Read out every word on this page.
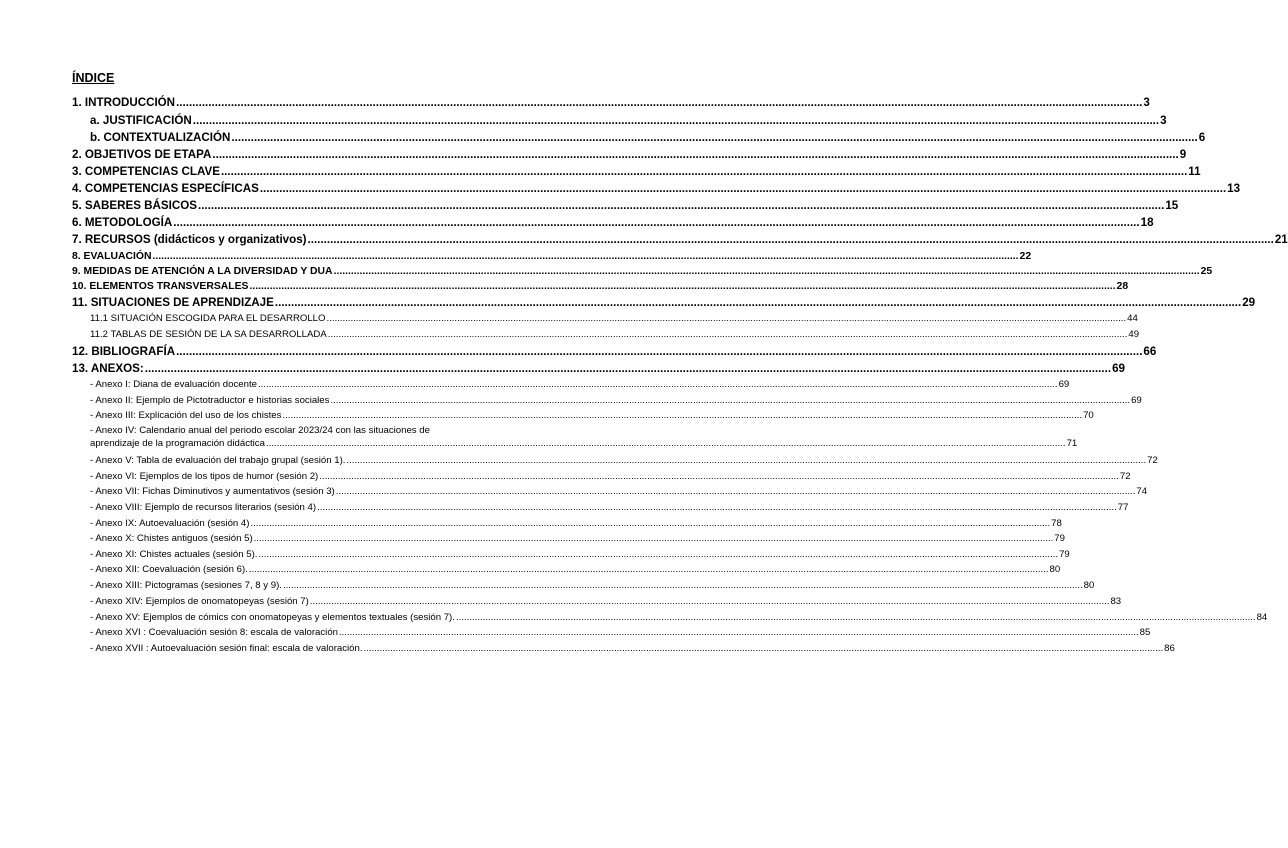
ÍNDICE
1. INTRODUCCIÓN ............................................................................................................................................................................................................................................................................................................ 3
a. JUSTIFICACIÓN ............................................................................................................................................................................................................................................................................................................ 3
b. CONTEXTUALIZACIÓN ............................................................................................................................................................................................................................................................................................................ 6
2. OBJETIVOS DE ETAPA ............................................................................................................................................................................................................................................................................................................ 9
3. COMPETENCIAS CLAVE ............................................................................................................................................................................................................................................................................................................ 11
4. COMPETENCIAS ESPECÍFICAS ............................................................................................................................................................................................................................................................................................................ 13
5. SABERES BÁSICOS ............................................................................................................................................................................................................................................................................................................ 15
6. METODOLOGÍA ............................................................................................................................................................................................................................................................................................................ 18
7. RECURSOS (didácticos y organizativos) ............................................................................................................................................................................................................................................................................................................ 21
8. EVALUACIÓN ............................................................................................................................................................................................................................................................................................................ 22
9. MEDIDAS DE ATENCIÓN A LA DIVERSIDAD Y DUA ............................................................................................................................................................................................................................................................................................................ 25
10. ELEMENTOS TRANSVERSALES ............................................................................................................................................................................................................................................................................................................ 28
11. SITUACIONES DE APRENDIZAJE ............................................................................................................................................................................................................................................................................................................ 29
11.1 SITUACIÓN ESCOGIDA PARA EL DESARROLLO ............................................................................................................................................................................................................................................................................................................ 44
11.2 TABLAS DE SESIÓN DE LA SA DESARROLLADA ............................................................................................................................................................................................................................................................................................................ 49
12. BIBLIOGRAFÍA ............................................................................................................................................................................................................................................................................................................ 66
13. ANEXOS: ............................................................................................................................................................................................................................................................................................................ 69
- Anexo I: Diana de evaluación docente ............................................................................................................................................................................................................................................................................................................ 69
- Anexo II: Ejemplo de Pictotraductor e historias sociales ............................................................................................................................................................................................................................................................................................................ 69
- Anexo III: Explicación del uso de los chistes ............................................................................................................................................................................................................................................................................................................ 70
- Anexo IV: Calendario anual del periodo escolar 2023/24 con las situaciones de
aprendizaje de la programación didáctica ............................................................................................................................................................................................................................................................................................................ 71
- Anexo V: Tabla de evaluación del trabajo grupal (sesión 1). ............................................................................................................................................................................................................................................................................................................ 72
- Anexo VI: Ejemplos de los tipos de humor (sesión 2) ............................................................................................................................................................................................................................................................................................................ 72
- Anexo VII: Fichas Diminutivos y aumentativos (sesión 3) ............................................................................................................................................................................................................................................................................................................ 74
- Anexo VIII: Ejemplo de recursos literarios (sesión 4) ............................................................................................................................................................................................................................................................................................................ 77
- Anexo IX: Autoevaluación (sesión 4) ............................................................................................................................................................................................................................................................................................................ 78
- Anexo X: Chistes antiguos (sesión 5) ............................................................................................................................................................................................................................................................................................................ 79
- Anexo XI: Chistes actuales (sesión 5). ............................................................................................................................................................................................................................................................................................................ 79
- Anexo XII: Coevaluación (sesión 6). ............................................................................................................................................................................................................................................................................................................ 80
- Anexo XIII: Pictogramas (sesiones 7, 8 y 9). ............................................................................................................................................................................................................................................................................................................ 80
- Anexo XIV: Ejemplos de onomatopeyas (sesión 7) ............................................................................................................................................................................................................................................................................................................ 83
- Anexo XV: Ejemplos de cómics con onomatopeyas y elementos textuales (sesión 7). ............................................................................................................................................................................................................................................................................................................ 84
- Anexo XVI : Coevaluación sesión 8: escala de valoración ............................................................................................................................................................................................................................................................................................................ 85
- Anexo XVII : Autoevaluación sesión final: escala de valoración. ............................................................................................................................................................................................................................................................................................................ 86
